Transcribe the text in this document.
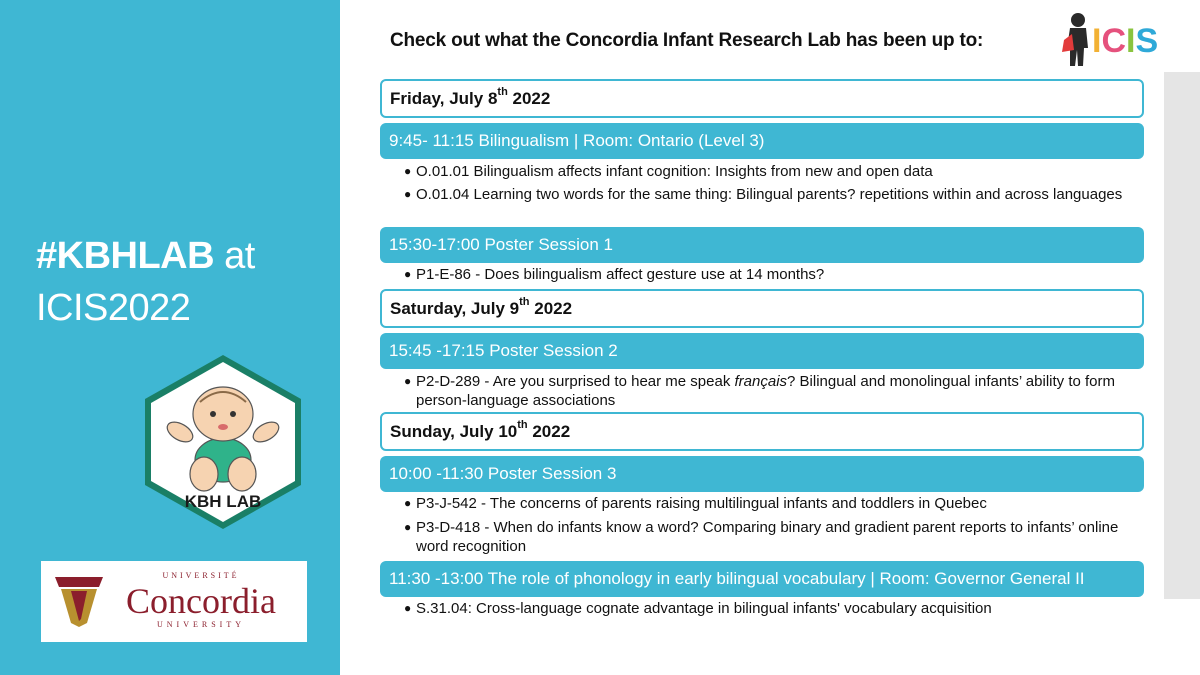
#KBHLAB at
ICIS2022
KBH LAB
UNIVERSITÉ
Concordia
UNIVERSITY
Check out what the Concordia Infant Research Lab has been up to:	ICIS
Friday, July 8th 2022
9:45- 11:15 Bilingualism | Room: Ontario (Level 3)
● O.01.01 Bilingualism affects infant cognition: Insights from new and open data
● O.01.04 Learning two words for the same thing: Bilingual parents? repetitions within and across languages
15:30-17:00 Poster Session 1
● P1-E-86 - Does bilingualism affect gesture use at 14 months?
Saturday, July 9th 2022
15:45 -17:15 Poster Session 2
● P2-D-289 - Are you surprised to hear me speak français? Bilingual and monolingual infants’ ability to form person-language associations
Sunday, July 10th 2022
10:00 -11:30 Poster Session 3
● P3-J-542 - The concerns of parents raising multilingual infants and toddlers in Quebec
● P3-D-418 - When do infants know a word? Comparing binary and gradient parent reports to infants’ online word recognition
11:30 -13:00 The role of phonology in early bilingual vocabulary | Room: Governor General II
● S.31.04: Cross-language cognate advantage in bilingual infants' vocabulary acquisition
